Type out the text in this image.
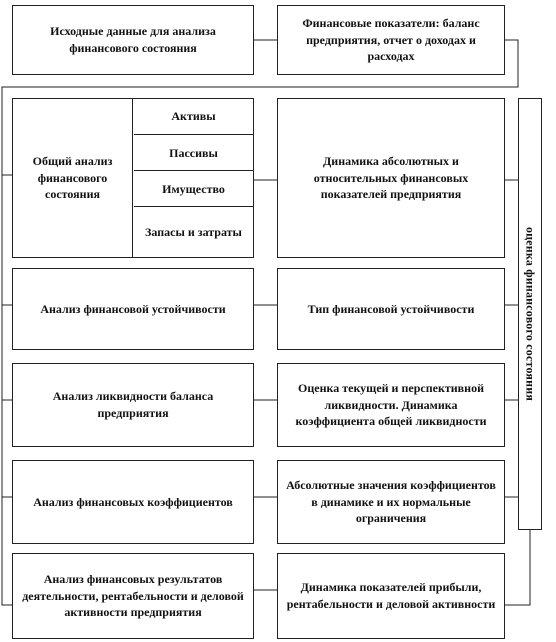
Исходные данные для анализа финансового состояния
Финансовые показатели: баланс предприятия, отчет о доходах и расходах
Общий анализ финансового состояния
Активы
Пассивы
Имущество
Запасы и затраты
Динамика абсолютных и относительных финансовых показателей предприятия
Анализ финансовой устойчивости	Тип финансовой устойчивости
Анализ ликвидности баланса предприятия
Оценка текущей и перспективной ликвидности. Динамика коэффициента общей ликвидности
Анализ финансовых коэффициентов
Абсолютные значения коэффициентов в динамике и их нормальные ограничения
Анализ финансовых результатов деятельности, рентабельности и деловой активности предприятия
Динамика показателей прибыли, рентабельности и деловой активности
оценка финансового состояния
